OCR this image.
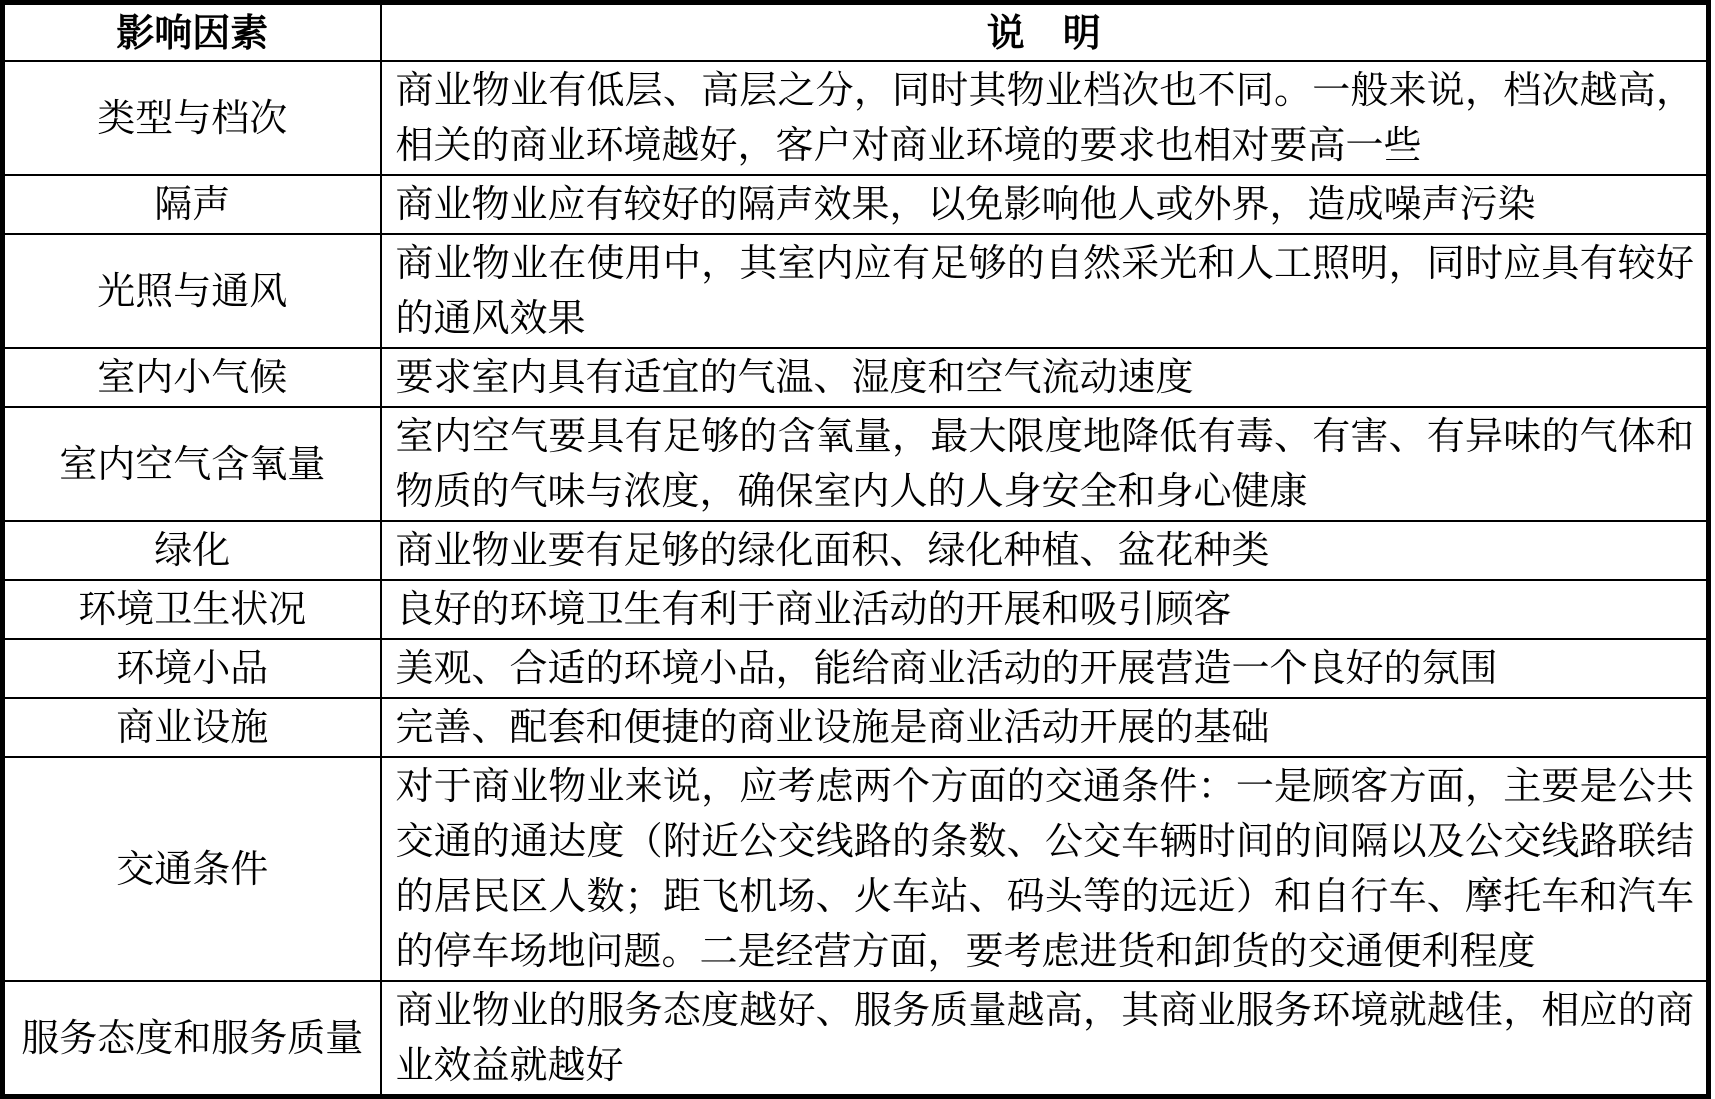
影响因素	说　明
类型与档次	商业物业有低层、高层之分，同时其物业档次也不同。一般来说，档次越高，相关的商业环境越好，客户对商业环境的要求也相对要高一些
隔声	商业物业应有较好的隔声效果，以免影响他人或外界，造成噪声污染
光照与通风	商业物业在使用中，其室内应有足够的自然采光和人工照明，同时应具有较好的通风效果
室内小气候	要求室内具有适宜的气温、湿度和空气流动速度
室内空气含氧量	室内空气要具有足够的含氧量，最大限度地降低有毒、有害、有异味的气体和物质的气味与浓度，确保室内人的人身安全和身心健康
绿化	商业物业要有足够的绿化面积、绿化种植、盆花种类
环境卫生状况	良好的环境卫生有利于商业活动的开展和吸引顾客
环境小品	美观、合适的环境小品，能给商业活动的开展营造一个良好的氛围
商业设施	完善、配套和便捷的商业设施是商业活动开展的基础
交通条件	对于商业物业来说，应考虑两个方面的交通条件：一是顾客方面，主要是公共交通的通达度（附近公交线路的条数、公交车辆时间的间隔以及公交线路联结的居民区人数；距飞机场、火车站、码头等的远近）和自行车、摩托车和汽车的停车场地问题。二是经营方面，要考虑进货和卸货的交通便利程度
服务态度和服务质量	商业物业的服务态度越好、服务质量越高，其商业服务环境就越佳，相应的商业效益就越好
